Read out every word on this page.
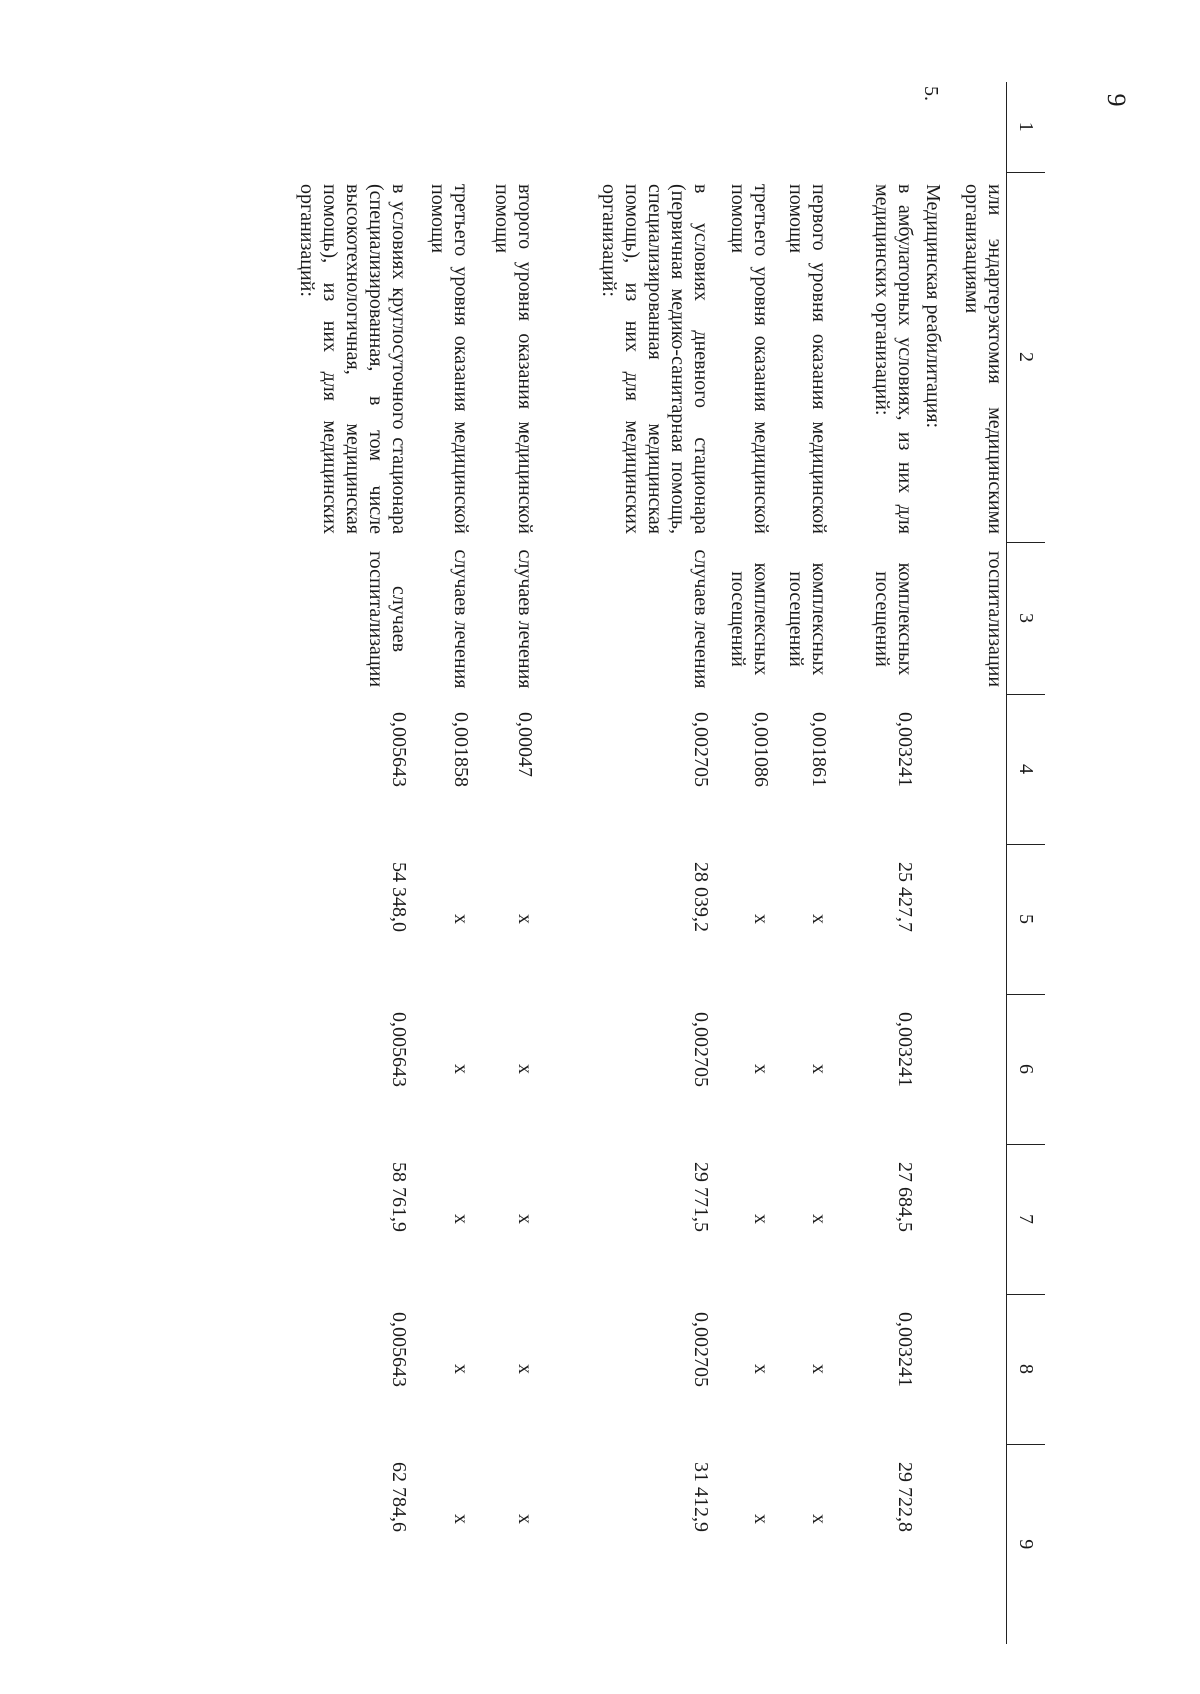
9
1	2	3	4	5	6	7	8	9
	или эндартерэктомия медицинскими организациями	госпитализации						
5.	Медицинская реабилитация:							
	в амбулаторных условиях, из них для медицинских организаций:	комплексных посещений	0,003241	25 427,7	0,003241	27 684,5	0,003241	29 722,8
	первого уровня оказания медицинской помощи	комплексных посещений	0,001861	x	x	x	x	x
	третьего уровня оказания медицинской помощи	комплексных посещений	0,001086	x	x	x	x	x
	в условиях дневного стационара (первичная медико-санитарная помощь, специализированная медицинская помощь), из них для медицинских организаций:	случаев лечения	0,002705	28 039,2	0,002705	29 771,5	0,002705	31 412,9
	второго уровня оказания медицинской помощи	случаев лечения	0,00047	x	x	x	x	x
	третьего уровня оказания медицинской помощи	случаев лечения	0,001858	x	x	x	x	x
	в условиях круглосуточного стационара (специализированная, в том числе высокотехнологичная, медицинская помощь), из них для медицинских организаций:	случаев госпитализации	0,005643	54 348,0	0,005643	58 761,9	0,005643	62 784,6
